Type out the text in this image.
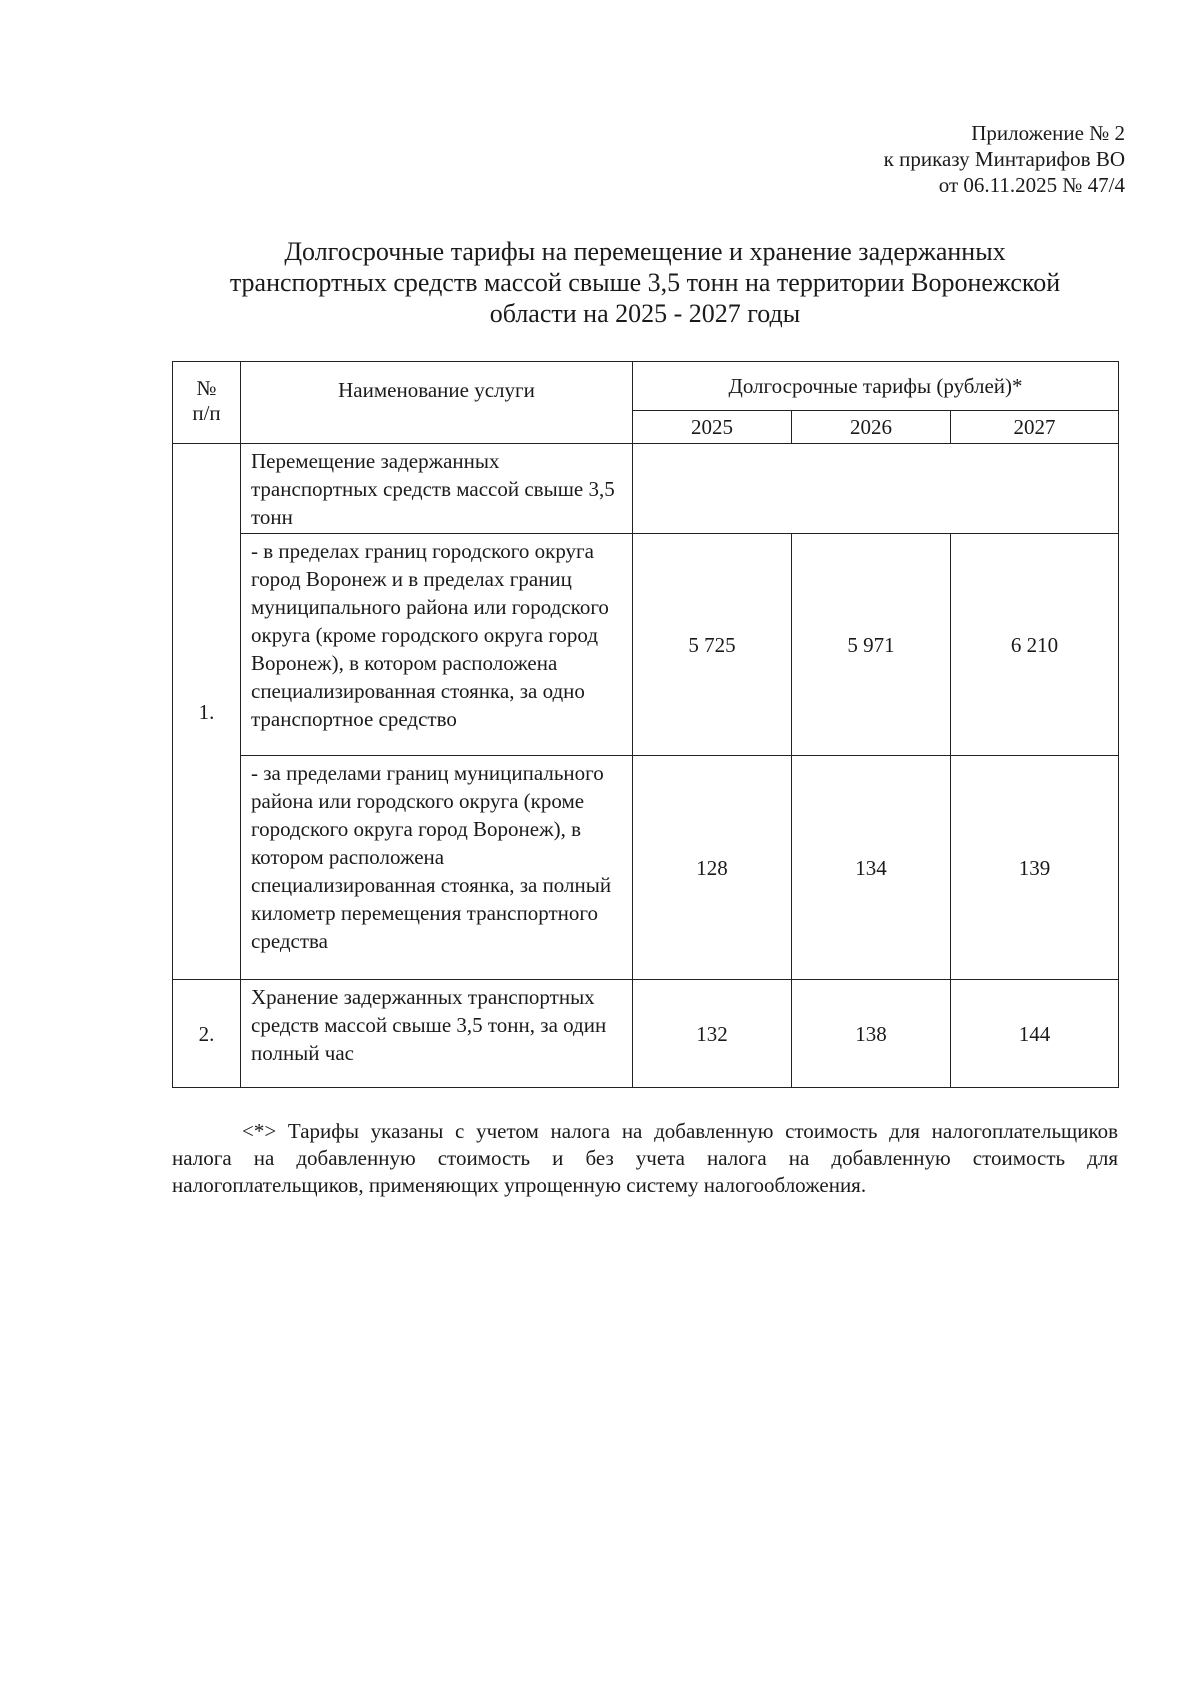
Приложение № 2
к приказу Минтарифов ВО
от 06.11.2025 № 47/4
Долгосрочные тарифы на перемещение и хранение задержанных
транспортных средств массой свыше 3,5 тонн на территории Воронежской
области на 2025 - 2027 годы
№
п/п	Наименование услуги	Долгосрочные тарифы (рублей)*		
		2025	2026	2027
1.	Перемещение задержанных транспортных средств массой свыше 3,5 тонн			
	- в пределах границ городского округа город Воронеж и в пределах границ муниципального района или городского округа (кроме городского округа город Воронеж), в котором расположена специализированная стоянка, за одно транспортное средство	5 725	5 971	6 210
	- за пределами границ муниципального района или городского округа (кроме городского округа город Воронеж), в котором расположена специализированная стоянка, за полный километр перемещения транспортного средства	128	134	139
2.	Хранение задержанных транспортных средств массой свыше 3,5 тонн, за один полный час	132	138	144
<*> Тарифы указаны с учетом налога на добавленную стоимость для налогоплательщиков налога на добавленную стоимость и без учета налога на добавленную стоимость для налогоплательщиков, применяющих упрощенную систему налогообложения.
